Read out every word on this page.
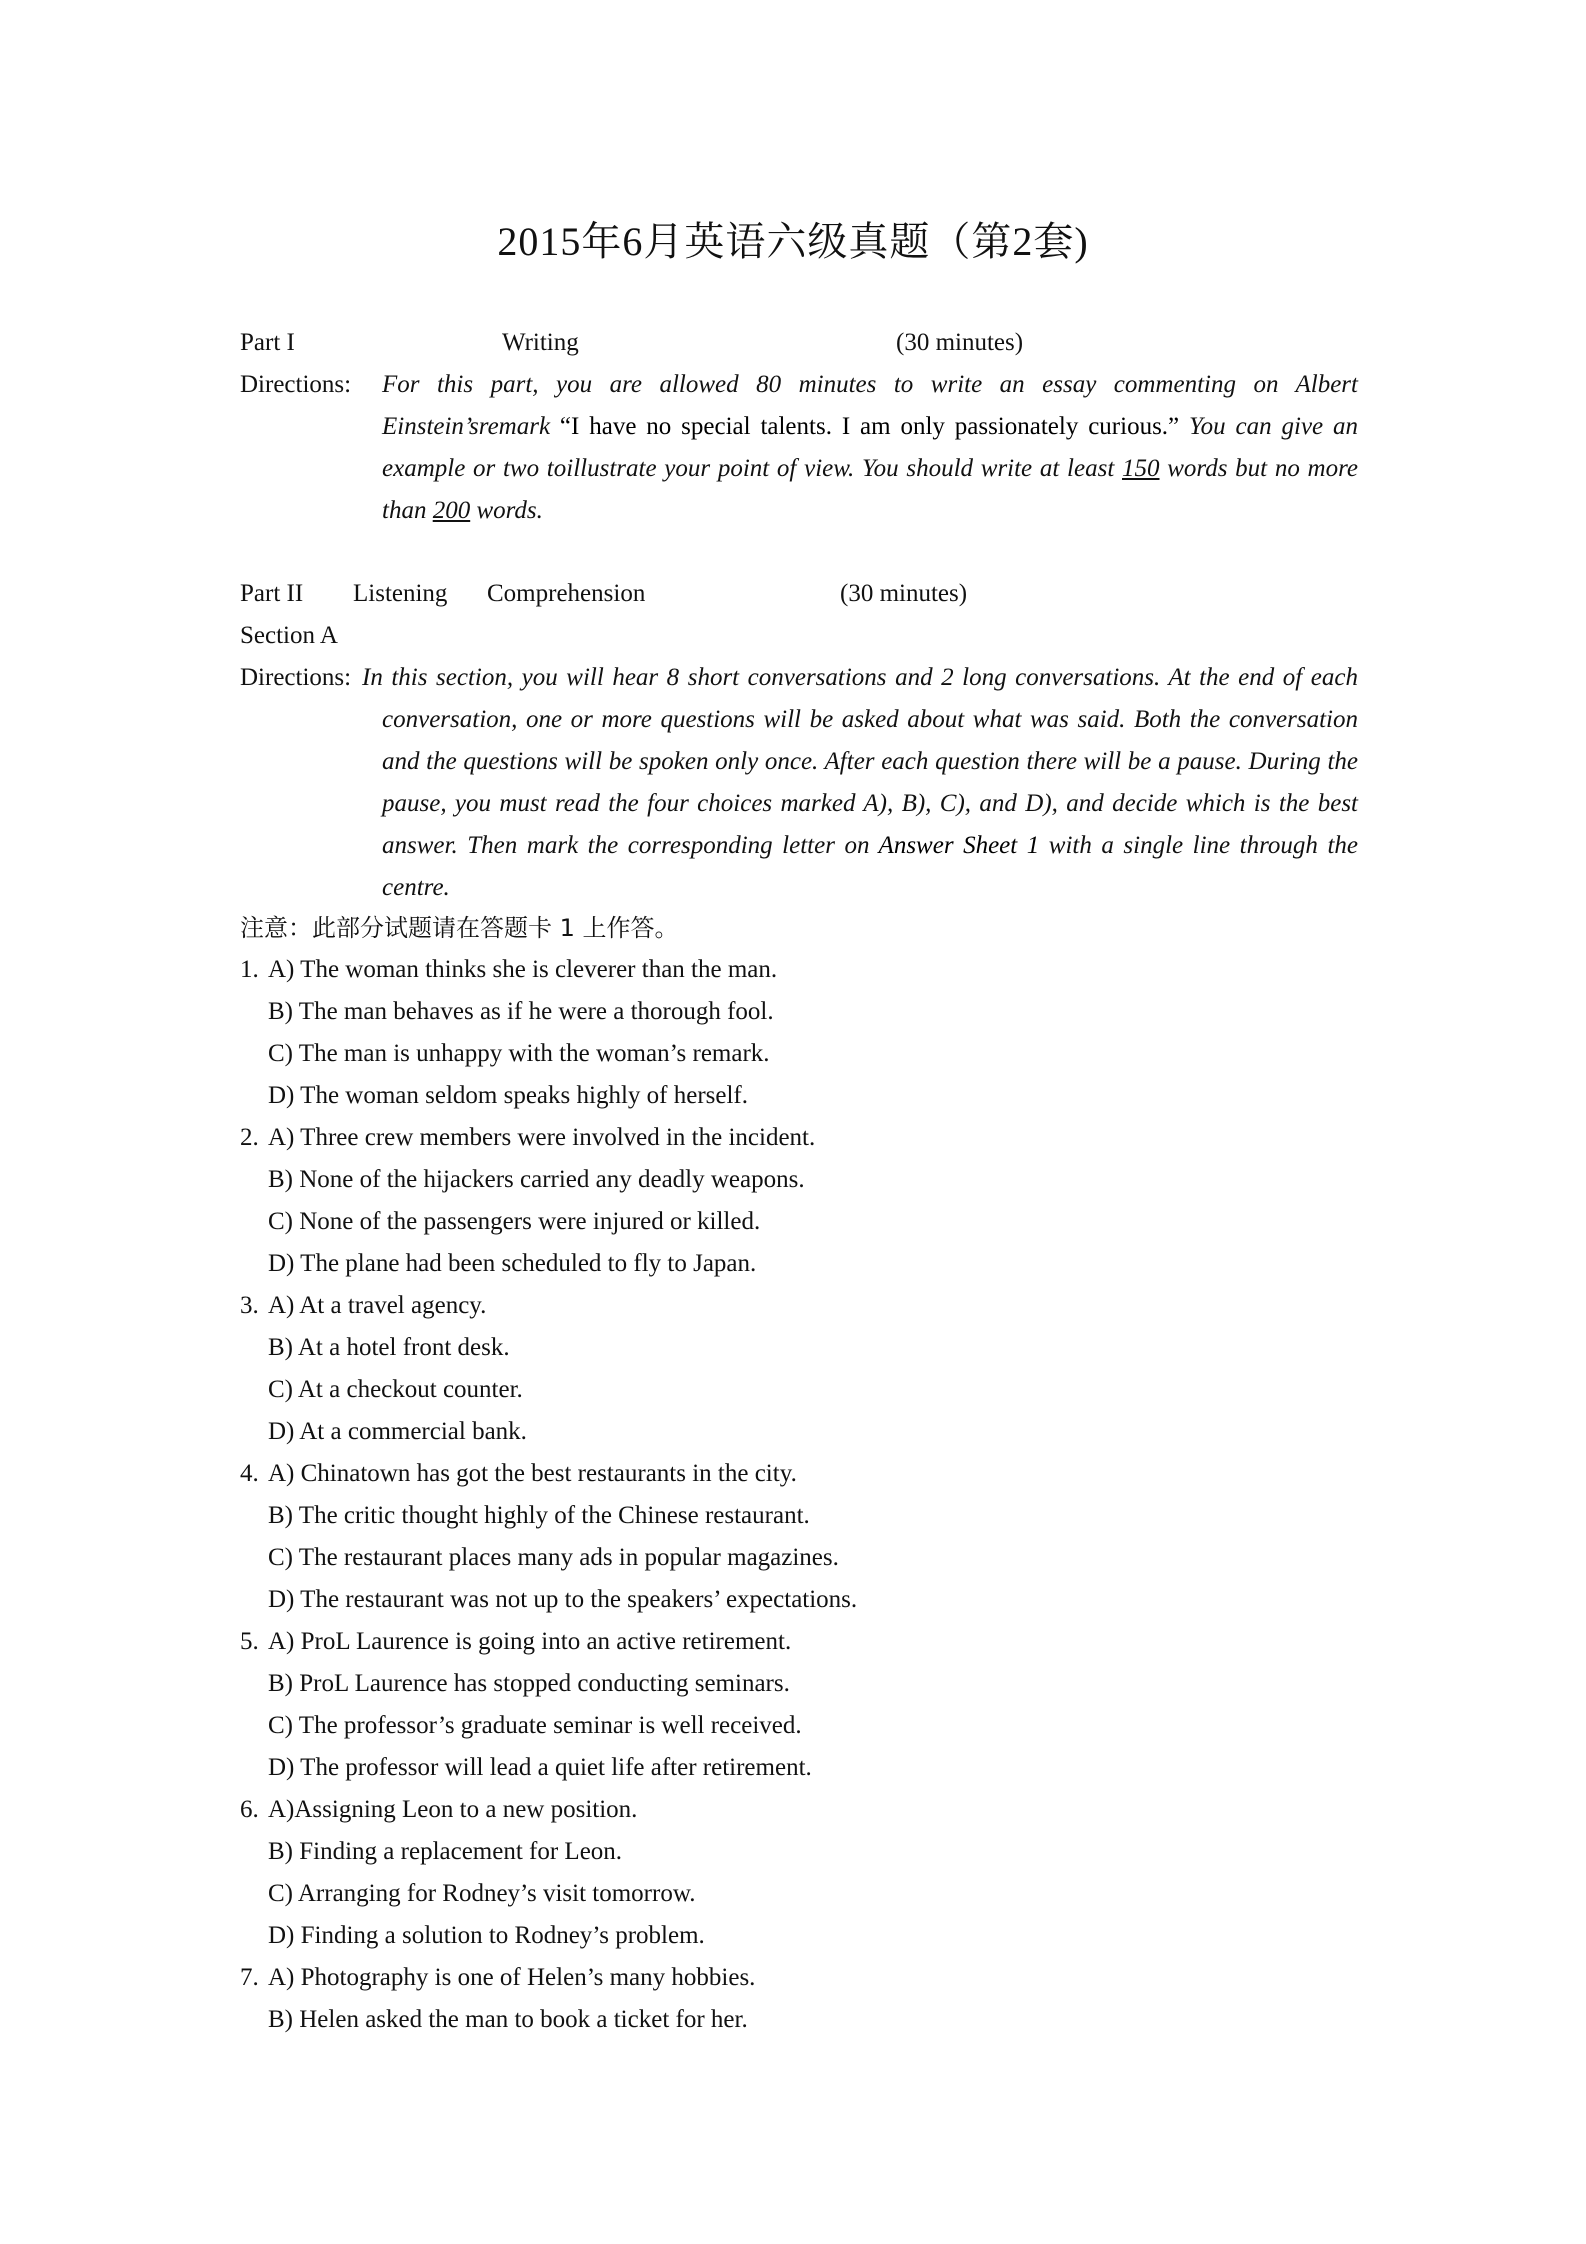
2015年6月英语六级真题（第2套)
Part I	Writing	(30 minutes)
Directions: For this part, you are allowed 80 minutes to write an essay commenting on Albert Einstein’sremark “I have no special talents. I am only passionately curious.” You can give an example or two toillustrate your point of view. You should write at least 150 words but no more than 200 words.
Part II Listening Comprehension	(30 minutes)
Section A
Directions: In this section, you will hear 8 short conversations and 2 long conversations. At the end of each conversation, one or more questions will be asked about what was said. Both the conversation and the questions will be spoken only once. After each question there will be a pause. During the pause, you must read the four choices marked A), B), C), and D), and decide which is the best answer. Then mark the corresponding letter on Answer Sheet 1 with a single line through the centre.
注意：此部分试题请在答题卡 1 上作答。
1. A) The woman thinks she is cleverer than the man.
B) The man behaves as if he were a thorough fool.
C) The man is unhappy with the woman’s remark.
D) The woman seldom speaks highly of herself.
2. A) Three crew members were involved in the incident.
B) None of the hijackers carried any deadly weapons.
C) None of the passengers were injured or killed.
D) The plane had been scheduled to fly to Japan.
3. A) At a travel agency.
B) At a hotel front desk.
C) At a checkout counter.
D) At a commercial bank.
4. A) Chinatown has got the best restaurants in the city.
B) The critic thought highly of the Chinese restaurant.
C) The restaurant places many ads in popular magazines.
D) The restaurant was not up to the speakers’ expectations.
5. A) ProL Laurence is going into an active retirement.
B) ProL Laurence has stopped conducting seminars.
C) The professor’s graduate seminar is well received.
D) The professor will lead a quiet life after retirement.
6. A)Assigning Leon to a new position.
B) Finding a replacement for Leon.
C) Arranging for Rodney’s visit tomorrow.
D) Finding a solution to Rodney’s problem.
7. A) Photography is one of Helen’s many hobbies.
B) Helen asked the man to book a ticket for her.
